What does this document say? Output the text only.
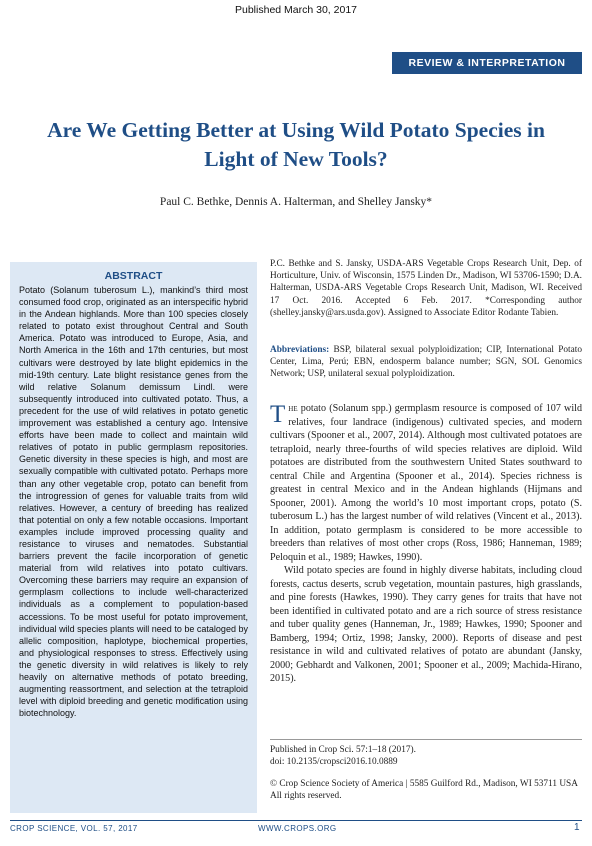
Published March 30, 2017
REVIEW & INTERPRETATION
Are We Getting Better at Using Wild Potato Species in Light of New Tools?
Paul C. Bethke, Dennis A. Halterman, and Shelley Jansky*
ABSTRACT

Potato (Solanum tuberosum L.), mankind’s third most consumed food crop, originated as an interspecific hybrid in the Andean highlands. More than 100 species closely related to potato exist throughout Central and South America. Potato was introduced to Europe, Asia, and North America in the 16th and 17th centuries, but most cultivars were destroyed by late blight epidemics in the mid-19th century. Late blight resistance genes from the wild relative Solanum demissum Lindl. were subsequently introduced into cultivated potato. Thus, a precedent for the use of wild relatives in potato genetic improvement was established a century ago. Intensive efforts have been made to collect and maintain wild relatives of potato in public germplasm repositories. Genetic diversity in these species is high, and most are sexually compatible with cultivated potato. Perhaps more than any other vegetable crop, potato can benefit from the introgression of genes for valuable traits from wild relatives. However, a century of breeding has realized that potential on only a few notable occasions. Important examples include improved processing quality and resistance to viruses and nematodes. Substantial barriers prevent the facile incorporation of genetic material from wild relatives into potato cultivars. Overcoming these barriers may require an expansion of germplasm collections to include well-characterized individuals as a complement to population-based accessions. To be most useful for potato improvement, individual wild species plants will need to be cataloged by allelic composition, haplotype, biochemical properties, and physiological responses to stress. Effectively using the genetic diversity in wild relatives is likely to rely heavily on alternative methods of potato breeding, augmenting reassortment, and selection at the tetraploid level with diploid breeding and genetic modification using biotechnology.

P.C. Bethke and S. Jansky, USDA-ARS Vegetable Crops Research Unit, Dep. of Horticulture, Univ. of Wisconsin, 1575 Linden Dr., Madison, WI 53706-1590; D.A. Halterman, USDA-ARS Vegetable Crops Research Unit, Madison, WI. Received 17 Oct. 2016. Accepted 6 Feb. 2017. *Corresponding author (shelley.jansky@ars.usda.gov). Assigned to Associate Editor Rodante Tabien.
Abbreviations: BSP, bilateral sexual polyploidization; CIP, International Potato Center, Lima, Perú; EBN, endosperm balance number; SGN, SOL Genomics Network; USP, unilateral sexual polyploidization.

The potato (Solanum spp.) germplasm resource is composed of 107 wild relatives, four landrace (indigenous) cultivated species, and modern cultivars (Spooner et al., 2007, 2014). Although most cultivated potatoes are tetraploid, nearly three-fourths of wild species relatives are diploid. Wild potatoes are distributed from the southwestern United States southward to central Chile and Argentina (Spooner et al., 2014). Species richness is greatest in central Mexico and in the Andean highlands (Hijmans and Spooner, 2001). Among the world’s 10 most important crops, potato (S. tuberosum L.) has the largest number of wild relatives (Vincent et al., 2013). In addition, potato germplasm is considered to be more accessible to breeders than relatives of most other crops (Ross, 1986; Hanneman, 1989; Peloquin et al., 1989; Hawkes, 1990).

Wild potato species are found in highly diverse habitats, including cloud forests, cactus deserts, scrub vegetation, mountain pastures, high grasslands, and pine forests (Hawkes, 1990). They carry genes for traits that have not been identified in cultivated potato and are a rich source of stress resistance and tuber quality genes (Hanneman, Jr., 1989; Hawkes, 1990; Spooner and Bamberg, 1994; Ortiz, 1998; Jansky, 2000). Reports of disease and pest resistance in wild and cultivated relatives of potato are abundant (Jansky, 2000; Gebhardt and Valkonen, 2001; Spooner et al., 2009; Machida-Hirano, 2015).

Published in Crop Sci. 57:1–18 (2017).
doi: 10.2135/cropsci2016.10.0889
© Crop Science Society of America | 5585 Guilford Rd., Madison, WI 53711 USA
All rights reserved.
CROP SCIENCE, VOL. 57, 2017	WWW.CROPS.ORG	1
